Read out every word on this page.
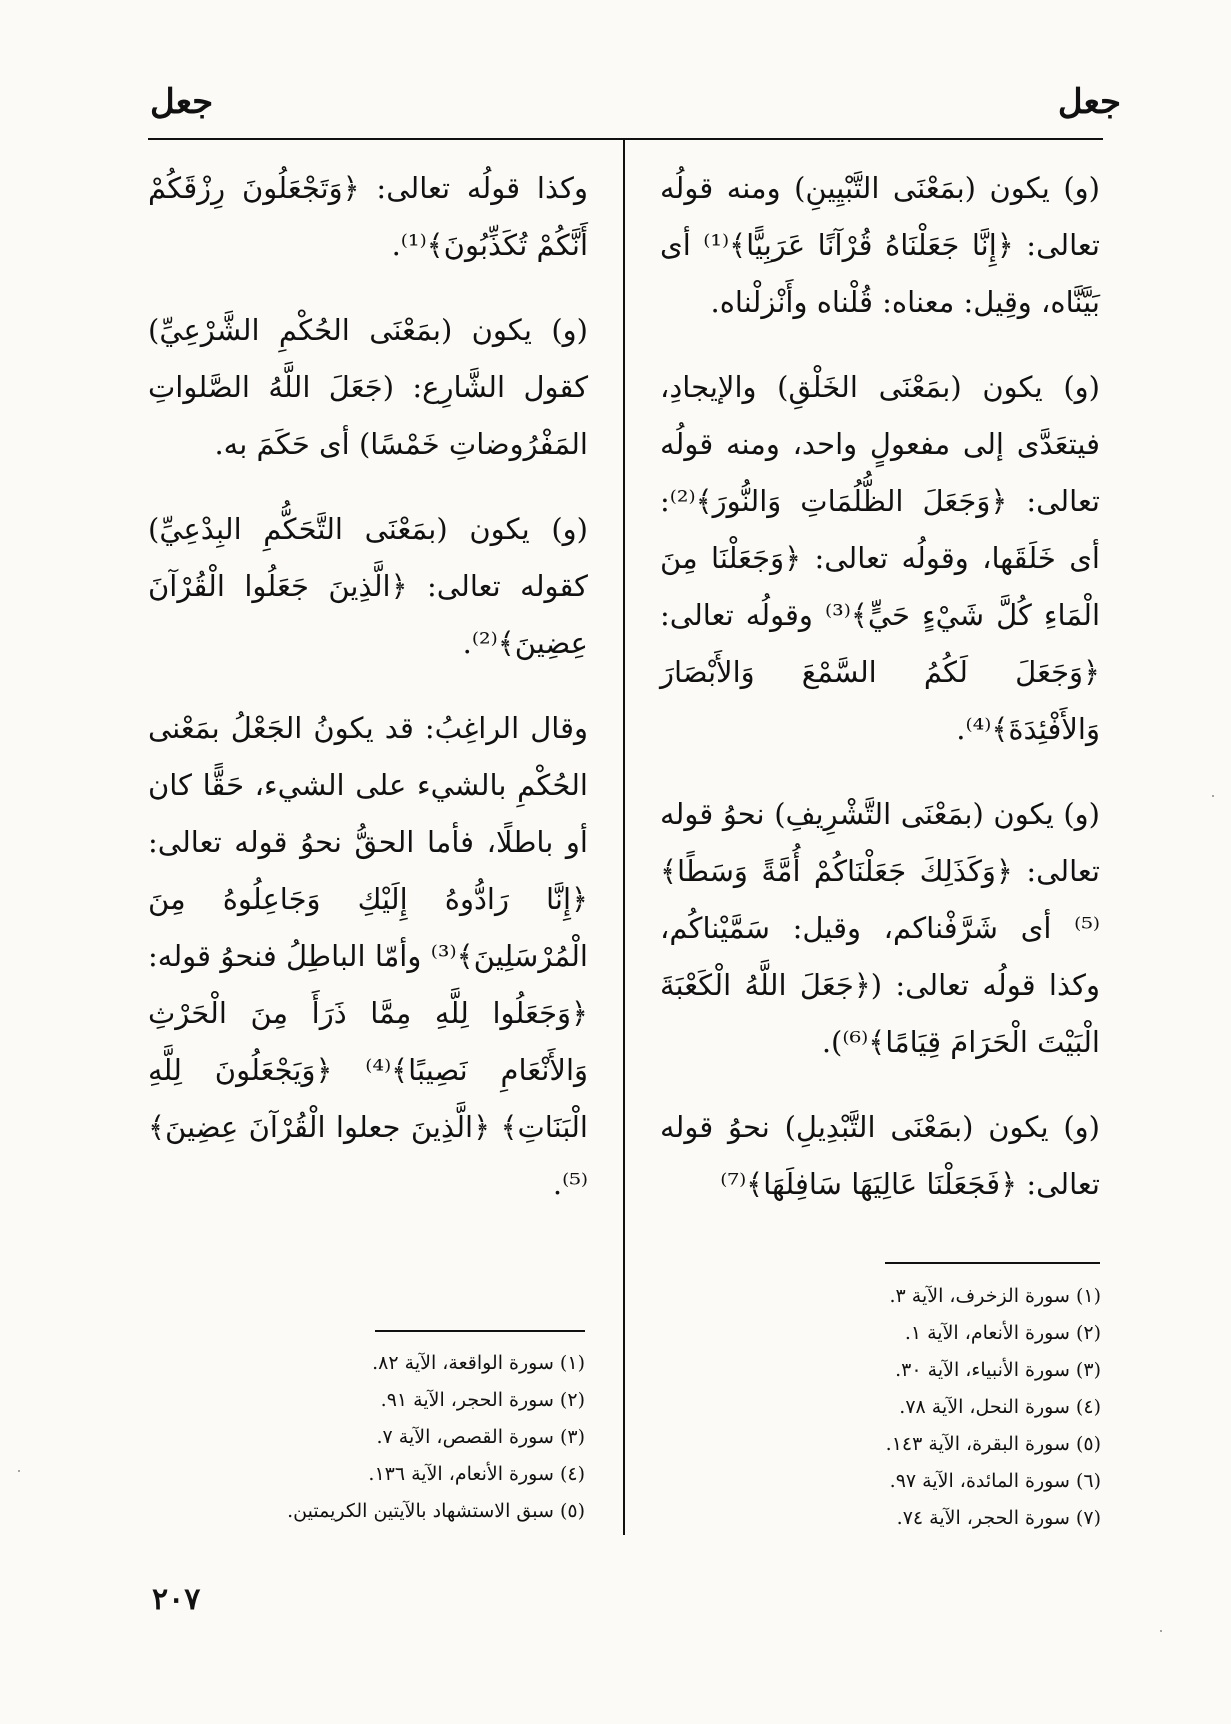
جعل
جعل

(و) يكون (بمَعْنَى التَّبْيِينِ) ومنه قولُه تعالى: ﴿إِنَّا جَعَلْنَاهُ قُرْآنًا عَرَبِيًّا﴾⁽¹⁾ أى بَيَّنَّاه، وقِيل: معناه: قُلْناه وأَنْزلْناه.

(و) يكون (بمَعْنَى الخَلْقِ) والإيجادِ، فيتعَدَّى إلى مفعولٍ واحد، ومنه قولُه تعالى: ﴿وَجَعَلَ الظُّلُمَاتِ وَالنُّورَ﴾⁽²⁾: أى خَلَقَها، وقولُه تعالى: ﴿وَجَعَلْنَا مِنَ الْمَاءِ كُلَّ شَيْءٍ حَيٍّ﴾⁽³⁾ وقولُه تعالى: ﴿وَجَعَلَ لَكُمُ السَّمْعَ وَالأَبْصَارَ وَالأَفْئِدَةَ﴾⁽⁴⁾.

(و) يكون (بمَعْنَى التَّشْرِيفِ) نحوُ قوله تعالى: ﴿وَكَذَلِكَ جَعَلْنَاكُمْ أُمَّةً وَسَطًا﴾⁽⁵⁾ أى شَرَّفْناكم، وقيل: سَمَّيْناكُم، وكذا قولُه تعالى: (﴿جَعَلَ اللَّهُ الْكَعْبَةَ الْبَيْتَ الْحَرَامَ قِيَامًا﴾⁽⁶⁾).

(و) يكون (بمَعْنَى التَّبْدِيلِ) نحوُ قوله تعالى: ﴿فَجَعَلْنَا عَالِيَهَا سَافِلَهَا﴾⁽⁷⁾

(١) سورة الزخرف، الآية ٣.
(٢) سورة الأنعام، الآية ١.
(٣) سورة الأنبياء، الآية ٣٠.
(٤) سورة النحل، الآية ٧٨.
(٥) سورة البقرة، الآية ١٤٣.
(٦) سورة المائدة، الآية ٩٧.
(٧) سورة الحجر، الآية ٧٤.

وكذا قولُه تعالى: ﴿وَتَجْعَلُونَ رِزْقَكُمْ أَنَّكُمْ تُكَذِّبُونَ﴾⁽¹⁾.

(و) يكون (بمَعْنَى الحُكْمِ الشَّرْعِيِّ) كقول الشَّارِع: (جَعَلَ اللَّهُ الصَّلواتِ المَفْرُوضاتِ خَمْسًا) أى حَكَمَ به.

(و) يكون (بمَعْنَى التَّحَكُّمِ البِدْعِيِّ) كقوله تعالى: ﴿الَّذِينَ جَعَلُوا الْقُرْآنَ عِضِينَ﴾⁽²⁾.

وقال الراغِبُ: قد يكونُ الجَعْلُ بمَعْنى الحُكْمِ بالشيء على الشيء، حَقًّا كان أو باطلًا، فأما الحقُّ نحوُ قوله تعالى: ﴿إِنَّا رَادُّوهُ إِلَيْكِ وَجَاعِلُوهُ مِنَ الْمُرْسَلِينَ﴾⁽³⁾ وأمّا الباطِلُ فنحوُ قوله: ﴿وَجَعَلُوا لِلَّهِ مِمَّا ذَرَأَ مِنَ الْحَرْثِ وَالأَنْعَامِ نَصِيبًا﴾⁽⁴⁾ ﴿وَيَجْعَلُونَ لِلَّهِ الْبَنَاتِ﴾ ﴿الَّذِينَ جعلوا الْقُرْآنَ عِضِينَ﴾⁽⁵⁾.

(١) سورة الواقعة، الآية ٨٢.
(٢) سورة الحجر، الآية ٩١.
(٣) سورة القصص، الآية ٧.
(٤) سورة الأنعام، الآية ١٣٦.
(٥) سبق الاستشهاد بالآيتين الكريمتين.
٢٠٧
